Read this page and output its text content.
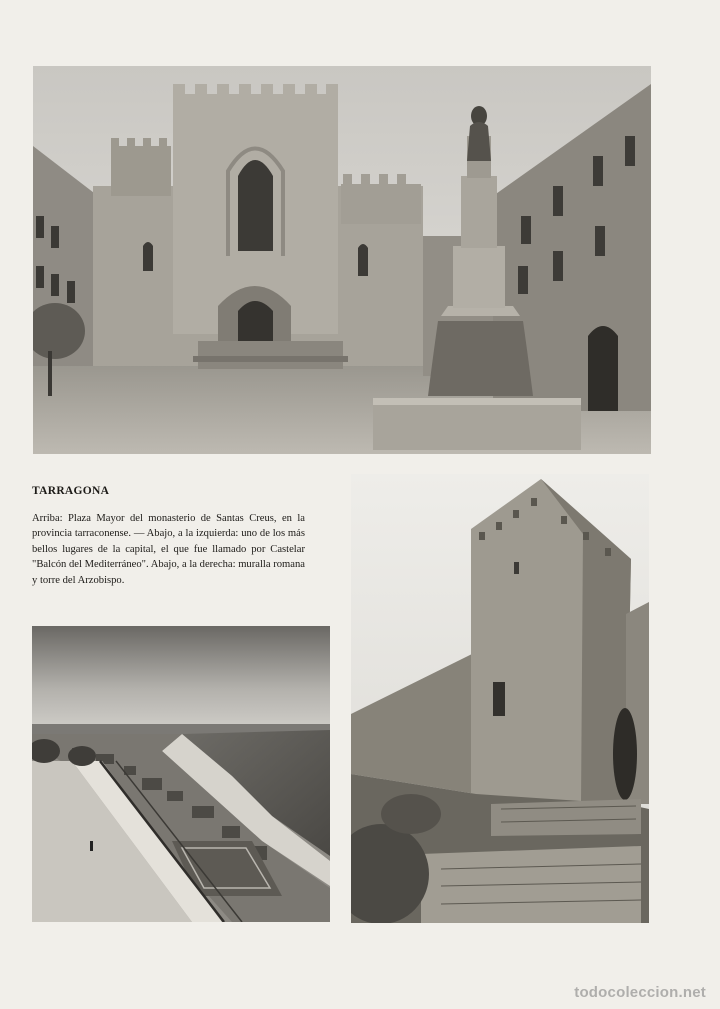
TARRAGONA

Arriba: Plaza Mayor del monasterio de Santas Creus, en la provincia tarraconense. — Abajo, a la izquierda: uno de los más bellos lugares de la capital, el que fue llamado por Castelar "Balcón del Mediterráneo". Abajo, a la derecha: muralla romana y torre del Arzobispo.

todocoleccion.net
